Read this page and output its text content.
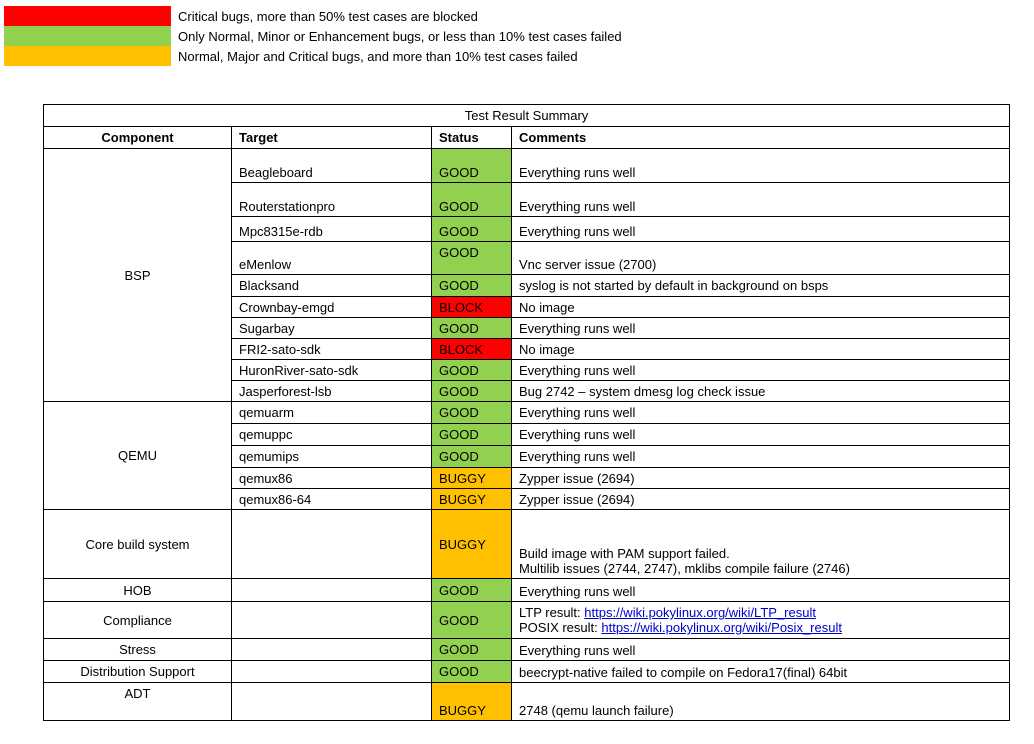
Critical bugs, more than 50% test cases are blocked
Only Normal, Minor or Enhancement bugs, or less than 10% test cases failed
Normal, Major and Critical bugs, and more than 10% test cases failed
Test Result Summary			
Component	Target	Status	Comments
BSP	Beagleboard	GOOD	Everything runs well
	Routerstationpro	GOOD	Everything runs well
	Mpc8315e-rdb	GOOD	Everything runs well
	eMenlow	GOOD	Vnc server issue (2700)
	Blacksand	GOOD	syslog is not started by default in background on bsps
	Crownbay-emgd	BLOCK	No image
	Sugarbay	GOOD	Everything runs well
	FRI2-sato-sdk	BLOCK	No image
	HuronRiver-sato-sdk	GOOD	Everything runs well
	Jasperforest-lsb	GOOD	Bug 2742 – system dmesg log check issue
QEMU	qemuarm	GOOD	Everything runs well
	qemuppc	GOOD	Everything runs well
	qemumips	GOOD	Everything runs well
	qemux86	BUGGY	Zypper issue (2694)
	qemux86-64	BUGGY	Zypper issue (2694)
Core build system		BUGGY	Build image with PAM support failed.
Multilib issues (2744, 2747), mklibs compile failure (2746)

HOB		GOOD	Everything runs well
Compliance		GOOD	LTP result: https://wiki.pokylinux.org/wiki/LTP_result
POSIX result: https://wiki.pokylinux.org/wiki/Posix_result

Stress		GOOD	Everything runs well
Distribution Support		GOOD	beecrypt-native failed to compile on Fedora17(final) 64bit
ADT		BUGGY	2748 (qemu launch failure)
